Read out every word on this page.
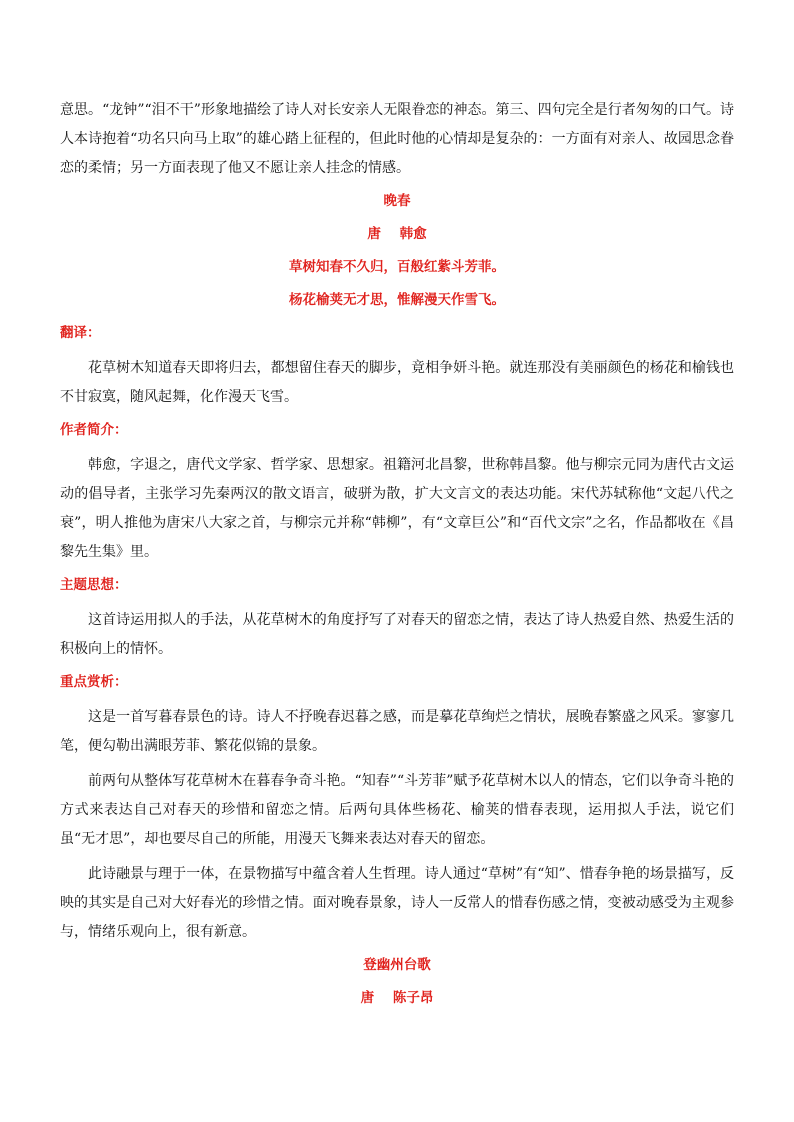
意思。“龙钟”“泪不干”形象地描绘了诗人对长安亲人无限眷恋的神态。第三、四句完全是行者匆匆的口气。诗人本诗抱着“功名只向马上取”的雄心踏上征程的，但此时他的心情却是复杂的：一方面有对亲人、故园思念眷恋的柔情；另一方面表现了他又不愿让亲人挂念的情感。

晚春

唐    韩愈

草树知春不久归，百般红紫斗芳菲。

杨花榆荚无才思，惟解漫天作雪飞。

翻译：

花草树木知道春天即将归去，都想留住春天的脚步，竟相争妍斗艳。就连那没有美丽颜色的杨花和榆钱也不甘寂寞，随风起舞，化作漫天飞雪。

作者简介：

韩愈，字退之，唐代文学家、哲学家、思想家。祖籍河北昌黎，世称韩昌黎。他与柳宗元同为唐代古文运动的倡导者，主张学习先秦两汉的散文语言，破骈为散，扩大文言文的表达功能。宋代苏轼称他“文起八代之衰”，明人推他为唐宋八大家之首，与柳宗元并称“韩柳”，有“文章巨公”和“百代文宗”之名，作品都收在《昌黎先生集》里。

主题思想：

这首诗运用拟人的手法，从花草树木的角度抒写了对春天的留恋之情，表达了诗人热爱自然、热爱生活的积极向上的情怀。

重点赏析：

这是一首写暮春景色的诗。诗人不抒晚春迟暮之感，而是摹花草绚烂之情状，展晚春繁盛之风采。寥寥几笔，便勾勒出满眼芳菲、繁花似锦的景象。

前两句从整体写花草树木在暮春争奇斗艳。“知春”“斗芳菲”赋予花草树木以人的情态，它们以争奇斗艳的方式来表达自己对春天的珍惜和留恋之情。后两句具体些杨花、榆荚的惜春表现，运用拟人手法，说它们虽“无才思”，却也要尽自己的所能，用漫天飞舞来表达对春天的留恋。

此诗融景与理于一体，在景物描写中蕴含着人生哲理。诗人通过“草树”有“知”、惜春争艳的场景描写，反映的其实是自己对大好春光的珍惜之情。面对晚春景象，诗人一反常人的惜春伤感之情，变被动感受为主观参与，情绪乐观向上，很有新意。

登幽州台歌

唐    陈子昂
